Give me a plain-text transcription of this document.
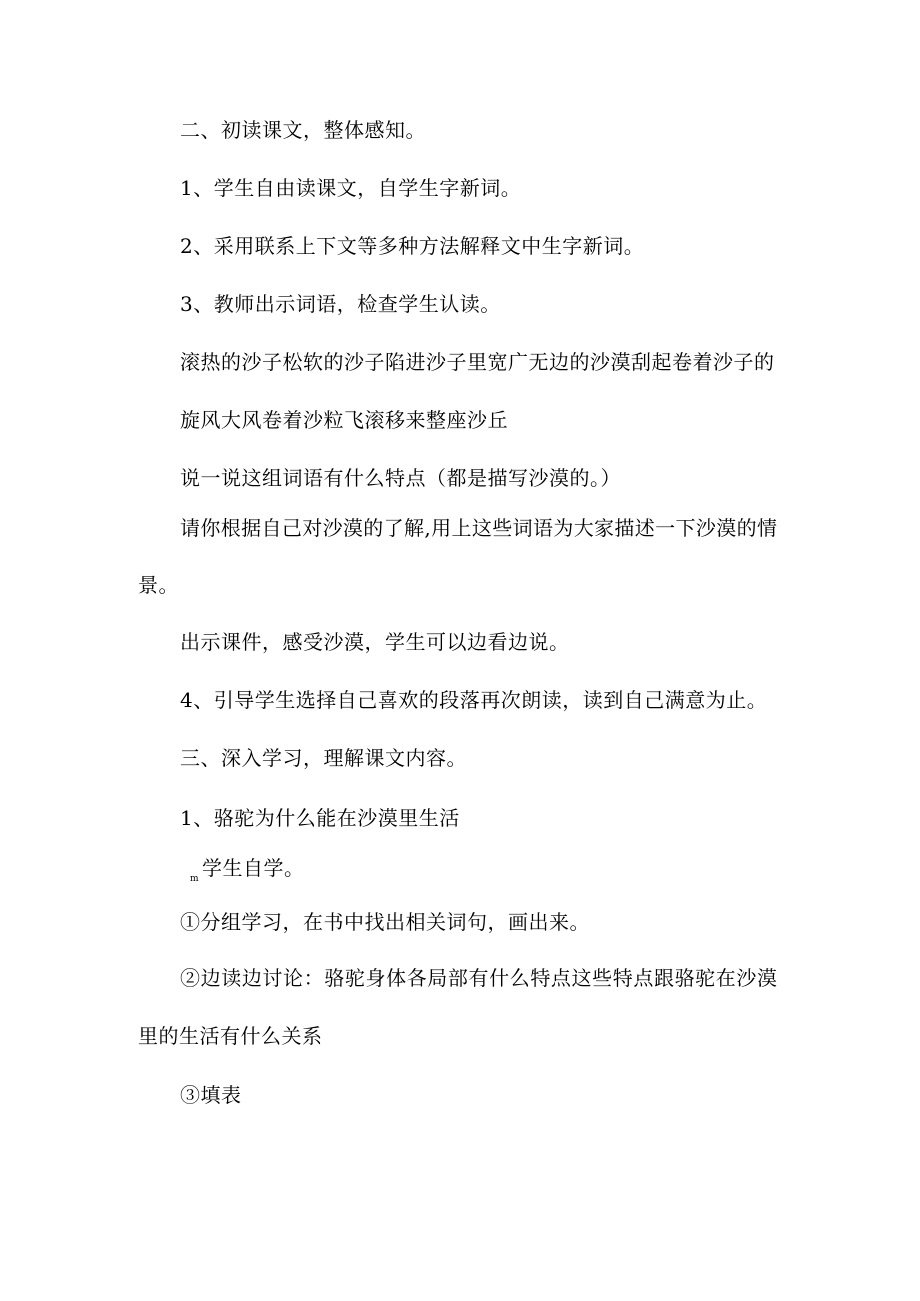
二、初读课文，整体感知。
1、学生自由读课文，自学生字新词。
2、采用联系上下文等多种方法解释文中生字新词。
3、教师出示词语，检查学生认读。
滚热的沙子松软的沙子陷进沙子里宽广无边的沙漠刮起卷着沙子的
旋风大风卷着沙粒飞滚移来整座沙丘
说一说这组词语有什么特点（都是描写沙漠的。）
请你根据自己对沙漠的了解,用上这些词语为大家描述一下沙漠的情
景。
出示课件，感受沙漠，学生可以边看边说。
4、引导学生选择自己喜欢的段落再次朗读，读到自己满意为止。
三、深入学习，理解课文内容。
1、骆驼为什么能在沙漠里生活
$_m$ 学生自学。
①分组学习，在书中找出相关词句，画出来。
②边读边讨论：骆驼身体各局部有什么特点这些特点跟骆驼在沙漠
里的生活有什么关系
③填表
